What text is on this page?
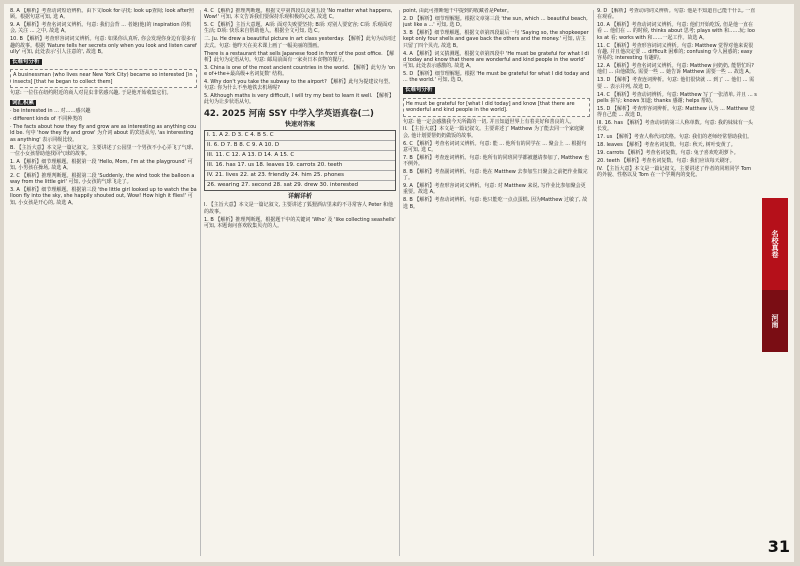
8. A 【解析】考查动词短语辨析。由下文look for寻找; look up查阅; look after照顾。根据句意可知, 选 A。

9. A 【解析】考查名词词义辨析。句意: 我们会背 ... 者她(他)的 inspiration 的机会, 关注 ... 之中, 故选 A。

10. B 【解析】考查形容词词义辨析。句意: 如果你认真听, 你会发现你身边有很多有趣的故事。根据 'Nature tells her secrets only when you look and listen carefully' 可知, 此处表示'引人注意的', 故选 B。

长难句分析
A businessman (who lives near New York City) became so interested [in insects] [that he began to collect them]

句意: 一位住在纽约附近的商人对昆虫非常感兴趣, 于是他开始收集它们。

词汇积累

· be interested in ... 对……感兴趣

· different kinds of 不同种类的

· The facts about how they fly and grow are as interesting as anything could be. 句中 'how they fly and grow' 为介词 about 的宾语从句, 'as interesting as anything' 表示同级比较。

B. 【主旨大意】本文是一篇记叙文。主要讲述了公园里一个男孩不小心弄飞了气球, 一位小女孩帮助他找回气球的故事。

1. A 【解析】细节理解题。根据第一段 'Hello, Mom, I'm at the playground' 可知, 小男孩在操场, 故选 A。

2. C 【解析】推理判断题。根据第二段 'Suddenly, the wind took the balloon away from the little girl' 可知, 小女孩的气球飞走了。

3. A 【解析】细节理解题。根据第三段 'the little girl looked up to watch the balloon fly into the sky, she happily shouted out, Wow! How high it flies!' 可知, 小女孩是开心的, 故选 A。

4. C 【解析】推理判断题。根据文中第四段以及第五段 'No matter what happens, Wow!' 可知, 本文告诉我们要保持乐观积极的心态, 故选 C。

5. C 【解析】主旨大意题。A项: 面对失败要坚持; B项: 对别人要宽容; C项: 乐观面对生活; D项: 快乐来自帮助他人。根据全文可知, 选 C。

二. Ju. He drew a beautiful picture in art class yesterday. 【解析】此句为动词过去式。句意: 他昨天在美术课上画了一幅美丽的图画。

There is a restaurant that sells Japanese food in front of the post office. 【解析】此句为定语从句。句意: 邮局前面有一家卖日本食物的餐厅。

3. China is one of the most ancient countries in the world. 【解析】此句为 'one of+the+最高级+名词复数' 结构。

4. Why don't you take the subway to the airport? 【解析】此句为提建议句型。句意: 你为什么不坐地铁去机场呢?

5. Although maths is very difficult, I will try my best to learn it well. 【解析】此句为让步状语从句。

42. 2025 河南 SSY 中学入学英语真卷(二)
快速对答案
I. 1. A 2. D 3. C 4. B 5. C
II. 6. D 7. B 8. C 9. A 10. D
III. 11. C 12. A 13. D 14. A 15. C
III. 16. has 17. us 18. leaves 19. carrots 20. teeth
IV. 21. lives 22. at 23. friendly 24. him 25. phones
26. wearing 27. second 28. sat 29. drew 30. interested
详解详析

I. 【主旨大意】本文是一篇记叙文, 主要讲述了狐狸酒店里来的不寻常客人 Peter 和他的故事。

1. B 【解析】推理判断题。根据题干中的关键词 'Who' 及 'like collecting seashells' 可知, 本题询问喜欢收集贝壳的人。

point, 由此可推断题干中提到的收藏者是Peter。

2. D 【解析】细节理解题。根据文章第三段 'the sun, which ... beautiful beach, just like a ...' 可知, 选 D。

3. B 【解析】细节理解题。根据文章第四段最后一句 'Saying so, the shopkeeper kept only four shells and gave back the others and the money.' 可知, 店主只留了四个贝壳, 故选 B。

4. A 【解析】词义猜测题。根据文章第四段中 'He must be grateful for what I did today and know that there are wonderful and kind people in the world' 可知, 此处表示感激的, 故选 A。

5. D 【解析】细节理解题。根据 'He must be grateful for what I did today and ... the world.' 可知, 选 D。

长难句分析
He must be grateful for [what I did today] and know [that there are wonderful and kind people in the world].

句意: 他一定会感激我今天所做的一切, 并且知道世界上有着美好和善良的人。

II. 【主旨大意】本文是一篇记叙文。主要讲述了 Matthew 为了能去同一个家庭聚会, 他计划要帮奶奶做饭的故事。

6. C 【解析】考查名词词义辨析。句意: 能 ... 他所有的同学在 ... 聚会上 ... 根据句意可知, 选 C。

7. B 【解析】考查连词辨析。句意: 他所有的同班同学都被邀请参加了, Matthew 也不例外。

8. B 【解析】考查副词辨析。句意: 他在 Matthew 去参加生日聚会之前把作业做完了。

9. A 【解析】考查形容词词义辨析。句意: 对 Matthew 来说, 写作业比参加聚会更重要。故选 A。

8. B 【解析】考查动词辨析。句意: 他只能吃一点点蛋糕, 因为Matthew 过敏了, 故选 B。

9. D 【解析】考查动词词义辨析。句意: 他是不知道自己能干什么, 一直在观看。

10. A 【解析】考查动词词义辨析。句意: 他们开始吃饭, 但是他一直在看 ... 他们在 ... 的时候, thinks about 思考; plays with 和……玩; looks at 看; works with 和……一起工作。故选 A。

11. C 【解析】考查形容词词义辨析。句意: Matthew 觉得对他来说很有趣, 并且他决定要 ... difficult 困难的; confusing 令人困惑的; easy 容易的; interesting 有趣的。

12. A 【解析】考查名词词义辨析。句意: Matthew 问奶奶, 能帮忙吗? 他们 ... 由他做饭, 需要一些 ... 她告诉 Matthew 需要一些 ... 故选 A。

13. D 【解析】考查连词辨析。句意: 他们很快就 ... 到了 ... 他们 ... 需要 ... 表示并列, 故选 D。

14. C 【解析】考查动词辨析。句意: Matthew 写了一张清单, 并且 ... spells 拼写; knows 知道; thanks 感谢; helps 帮助。

15. D 【解析】考查形容词辨析。句意: Matthew 认为 ... Matthew 觉得自己能 ... 故选 D。

III. 16. has 【解析】考查动词的第三人称单数。句意: 我的妹妹有一头长发。

17. us 【解析】考查人称代词宾格。句意: 我们的老师经常帮助我们。

18. leaves 【解析】考查名词复数。句意: 秋天, 树叶变黄了。

19. carrots 【解析】考查名词复数。句意: 兔子喜欢吃胡萝卜。

20. teeth 【解析】考查名词复数。句意: 我们应该每天刷牙。

IV. 【主旨大意】本文是一篇记叙文。主要讲述了作者的同班同学 Tom 的外貌、性格以及 Tom 在一个学期内的变化。

名校真卷
河南
31
